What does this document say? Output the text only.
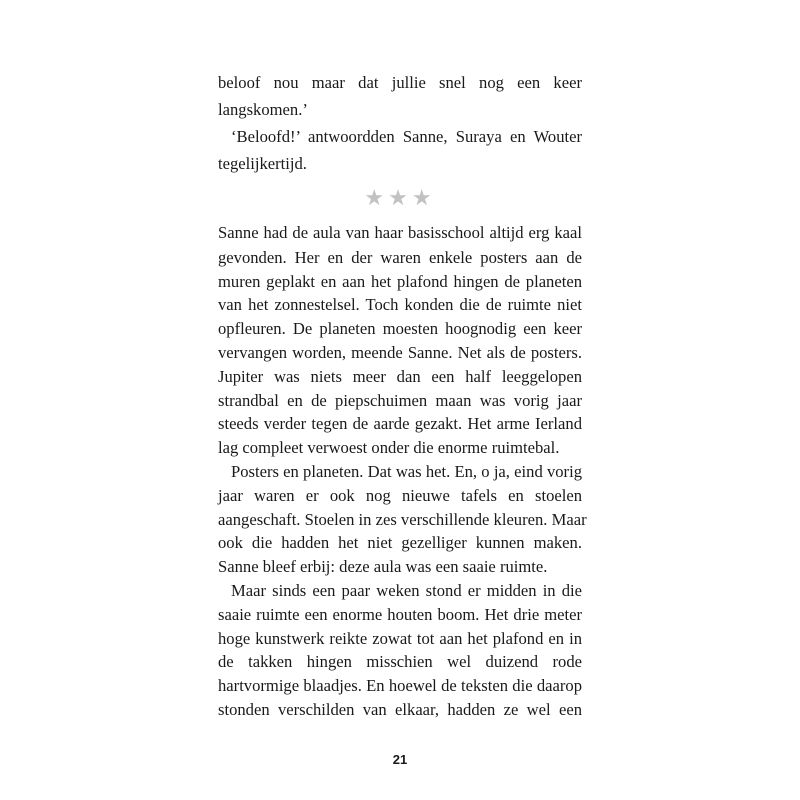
beloof nou maar dat jullie snel nog een keer
langskomen.’
‘Beloofd!’ antwoordden Sanne, Suraya en Wouter
tegelijkertijd.
★★★
Sanne had de aula van haar basisschool altijd erg kaal
gevonden. Her en der waren enkele posters aan de
muren geplakt en aan het plafond hingen de planeten
van het zonnestelsel. Toch konden die de ruimte niet
opfleuren. De planeten moesten hoognodig een keer
vervangen worden, meende Sanne. Net als de posters.
Jupiter was niets meer dan een half leeggelopen
strandbal en de piepschuimen maan was vorig jaar
steeds verder tegen de aarde gezakt. Het arme Ierland
lag compleet verwoest onder die enorme ruimtebal.
Posters en planeten. Dat was het. En, o ja, eind vorig
jaar waren er ook nog nieuwe tafels en stoelen
aangeschaft. Stoelen in zes verschillende kleuren. Maar
ook die hadden het niet gezelliger kunnen maken.
Sanne bleef erbij: deze aula was een saaie ruimte.
Maar sinds een paar weken stond er midden in die
saaie ruimte een enorme houten boom. Het drie meter
hoge kunstwerk reikte zowat tot aan het plafond en in
de takken hingen misschien wel duizend rode
hartvormige blaadjes. En hoewel de teksten die daarop
stonden verschilden van elkaar, hadden ze wel een
21
